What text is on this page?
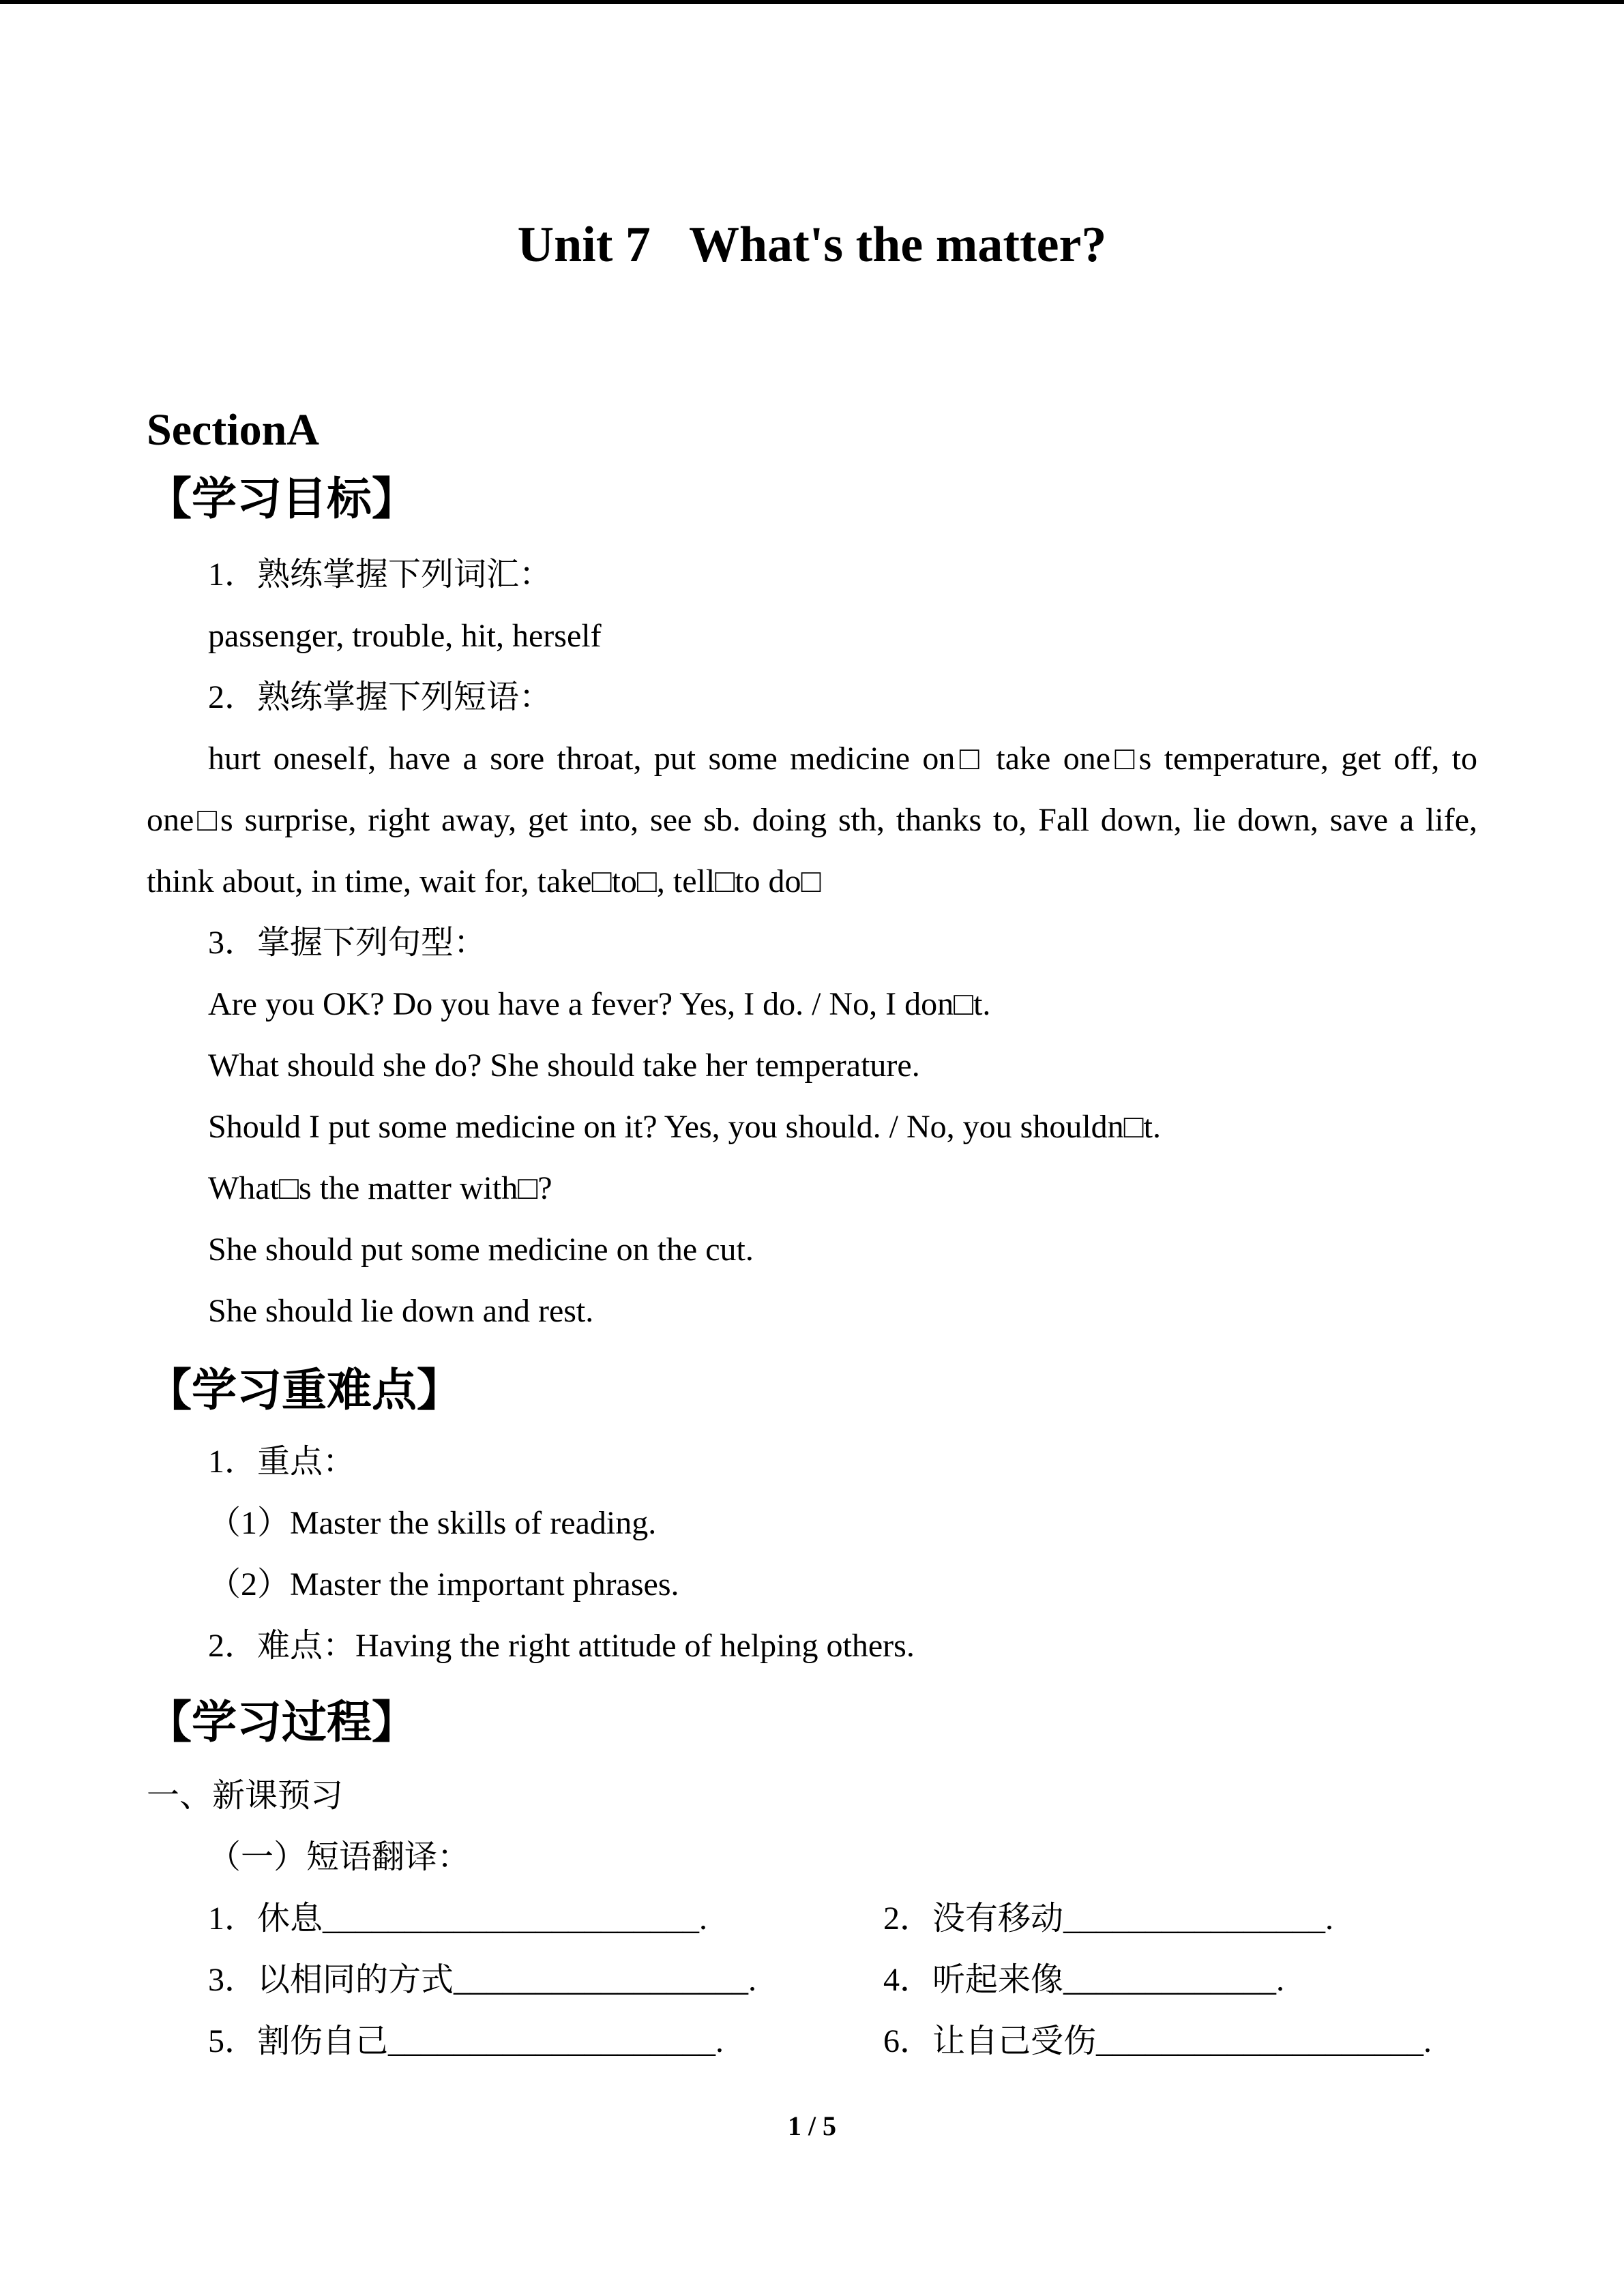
Unit 7 What's the matter?
SectionA
【学习目标】

1．熟练掌握下列词汇：

passenger, trouble, hit, herself

2．熟练掌握下列短语：

hurt oneself, have a sore throat, put some medicine on□ take one□s temperature, get off, to one□s surprise, right away, get into, see sb. doing sth, thanks to, Fall down, lie down, save a life, think about, in time, wait for, take□to□, tell□to do□

3．掌握下列句型：

Are you OK? Do you have a fever? Yes, I do. / No, I don□t.

What should she do? She should take her temperature.

Should I put some medicine on it? Yes, you should. / No, you shouldn□t.

What□s the matter with□?

She should put some medicine on the cut.

She should lie down and rest.

【学习重难点】

1．重点：

（1）Master the skills of reading.

（2）Master the important phrases.

2．难点：Having the right attitude of helping others.

【学习过程】

一、新课预习

（一）短语翻译：

1．休息_______________________.	2．没有移动________________.

3．以相同的方式__________________.	4．听起来像_____________.

5．割伤自己____________________.	6．让自己受伤____________________.

1 / 5
